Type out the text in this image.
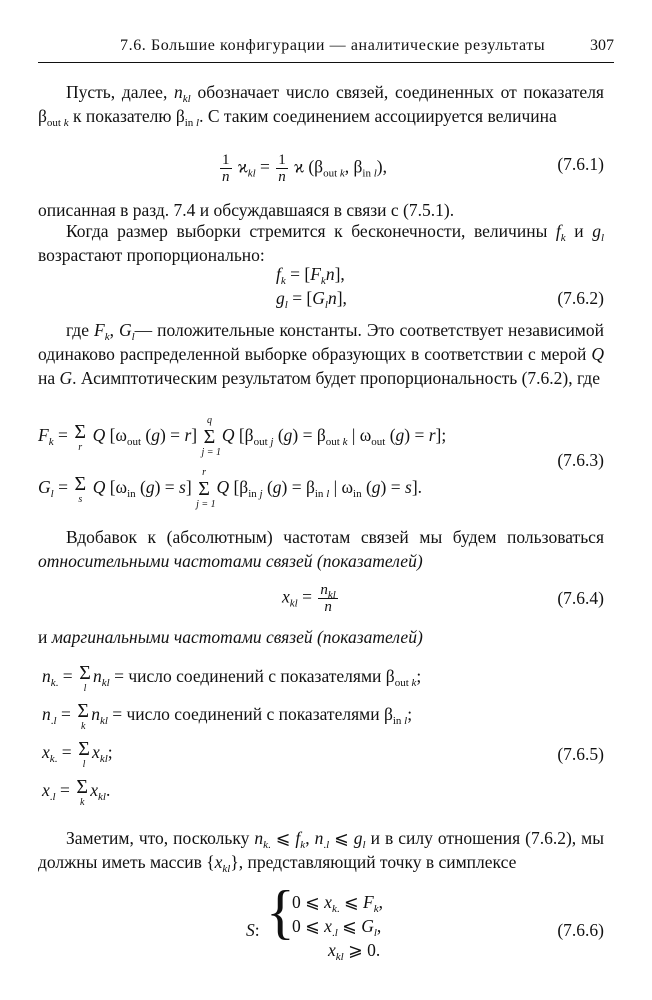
7.6. Большие конфигурации — аналитические результаты	307
Пусть, далее, $n_{kl}$ обозначает число связей, соединенных от показателя $\beta_{out k}$ к показателю $\beta_{in l}$. С таким соединением ассоциируется величина
$\frac{1}{n} ϰ_{kl} = \frac{1}{n}$ ϰ ($\beta_{out k}$, $\beta_{in l}$),	(7.6.1)
описанная в разд. 7.4 и обсуждавшаяся в связи с (7.5.1).
Когда размер выборки стремится к бесконечности, величины $f_k$ и $g_l$ возрастают пропорционально:
$f_k = [F_kn]$,
$g_l = [G_ln]$,	(7.6.2)
где $F_k$, $G_l—$ положительные константы. Это соответствует независимой одинаково распределенной выборке образующих в соответствии с мерой Q на G. Асимптотическим результатом будет пропорциональность (7.6.2), где
$F_k = \Sigma$
r
Q [$\omega_{out}$ (g) = r]
q
Σ
j = 1
Q [$\beta_{out j}$ $(g) = \beta_{out k}$ | $\omega_{out}$ (g) = r];
$G_l = \Sigma$
s
Q [$\omega_{in}$ (g) = s]
r
Σ
j = 1
Q [$\beta_{in j}$ $(g) = \beta_{in l}$ | $\omega_{in}$ (g) = s].
(7.6.3)
Вдобавок к (абсолютным) частотам связей мы будем пользоваться относительными частотами связей (показателей)
$x_{kl} = \frac{n_{kl}}{n}$	(7.6.4)
и маргинальными частотами связей (показателей)
$n_{k.} = \Sigma$
l
$n_{kl}$ = число соединений с показателями $\beta_{out k}$;
$n_{.l} = \Sigma$
k
$n_{kl}$ = число соединений с показателями $\beta_{in l}$;
$x_{k.} = \Sigma$
l
$x_{kl}$;
$x_{.l} = \Sigma$
k
$x_{kl}$.
(7.6.5)
Заметим, что, поскольку $n_{k.}$ ⩽ $f_k$, $n_{.l}$ ⩽ $g_l$ и в силу отношения (7.6.2), мы должны иметь массив $\{x_{kl}\}$, представляющий точку в симплексе
S: {
0 ⩽ $x_{k.}$ ⩽ $F_k$,
0 ⩽ $x_{.l}$ ⩽ $G_l$,
$x_{kl}$ ⩾ 0.
(7.6.6)
